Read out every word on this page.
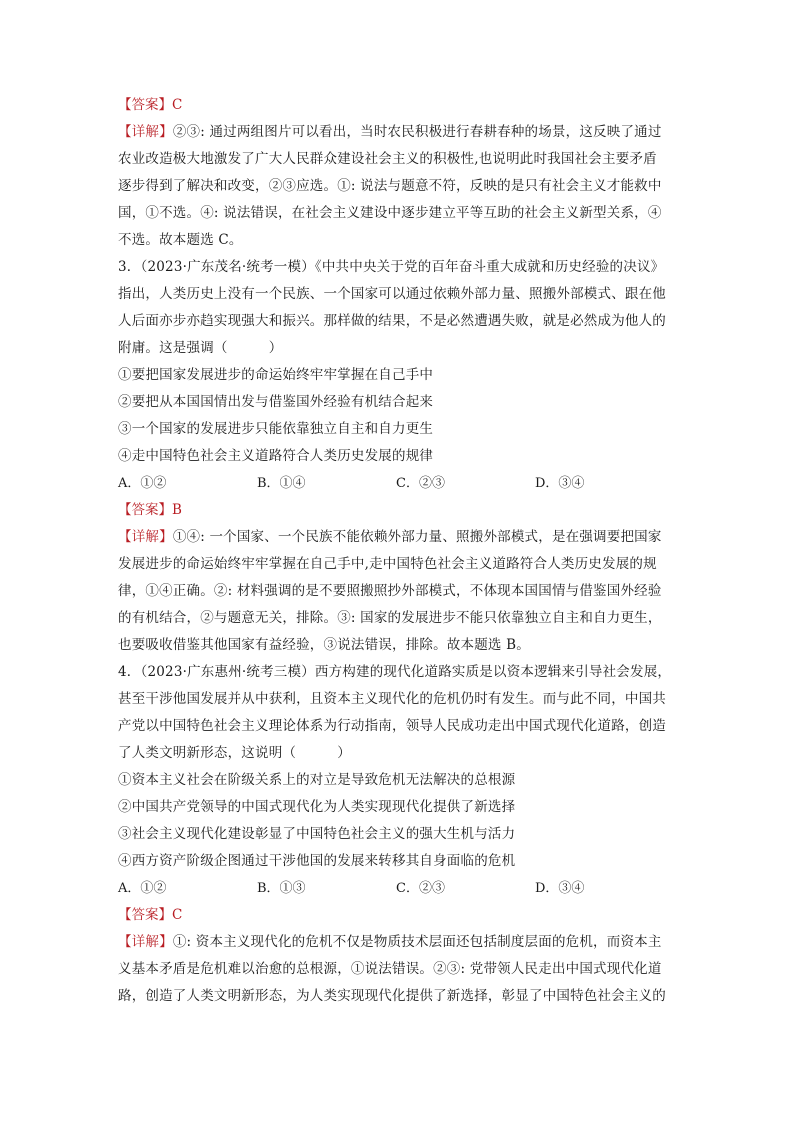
【答案】C
【详解】②③: 通过两组图片可以看出，当时农民积极进行春耕春种的场景，这反映了通过
农业改造极大地激发了广大人民群众建设社会主义的积极性,也说明此时我国社会主要矛盾
逐步得到了解决和改变，②③应选。①: 说法与题意不符，反映的是只有社会主义才能救中
国，①不选。④: 说法错误，在社会主义建设中逐步建立平等互助的社会主义新型关系，④
不选。故本题选 C。
3．（2023·广东茂名·统考一模）《中共中央关于党的百年奋斗重大成就和历史经验的决议》
指出，人类历史上没有一个民族、一个国家可以通过依赖外部力量、照搬外部模式、跟在他
人后面亦步亦趋实现强大和振兴。那样做的结果，不是必然遭遇失败，就是必然成为他人的
附庸。这是强调（　　　）
①要把国家发展进步的命运始终牢牢掌握在自己手中
②要把从本国国情出发与借鉴国外经验有机结合起来
③一个国家的发展进步只能依靠独立自主和自力更生
④走中国特色社会主义道路符合人类历史发展的规律
A．①②	B．①④	C．②③	D．③④
【答案】B
【详解】①④: 一个国家、一个民族不能依赖外部力量、照搬外部模式，是在强调要把国家
发展进步的命运始终牢牢掌握在自己手中,走中国特色社会主义道路符合人类历史发展的规
律，①④正确。②: 材料强调的是不要照搬照抄外部模式，不体现本国国情与借鉴国外经验
的有机结合，②与题意无关，排除。③: 国家的发展进步不能只依靠独立自主和自力更生，
也要吸收借鉴其他国家有益经验，③说法错误，排除。故本题选 B。
4．（2023·广东惠州·统考三模）西方构建的现代化道路实质是以资本逻辑来引导社会发展，
甚至干涉他国发展并从中获利，且资本主义现代化的危机仍时有发生。而与此不同，中国共
产党以中国特色社会主义理论体系为行动指南，领导人民成功走出中国式现代化道路，创造
了人类文明新形态，这说明（　　　）
①资本主义社会在阶级关系上的对立是导致危机无法解决的总根源
②中国共产党领导的中国式现代化为人类实现现代化提供了新选择
③社会主义现代化建设彰显了中国特色社会主义的强大生机与活力
④西方资产阶级企图通过干涉他国的发展来转移其自身面临的危机
A．①②	B．①③	C．②③	D．③④
【答案】C
【详解】①: 资本主义现代化的危机不仅是物质技术层面还包括制度层面的危机，而资本主
义基本矛盾是危机难以治愈的总根源，①说法错误。②③: 党带领人民走出中国式现代化道
路，创造了人类文明新形态，为人类实现现代化提供了新选择，彰显了中国特色社会主义的
